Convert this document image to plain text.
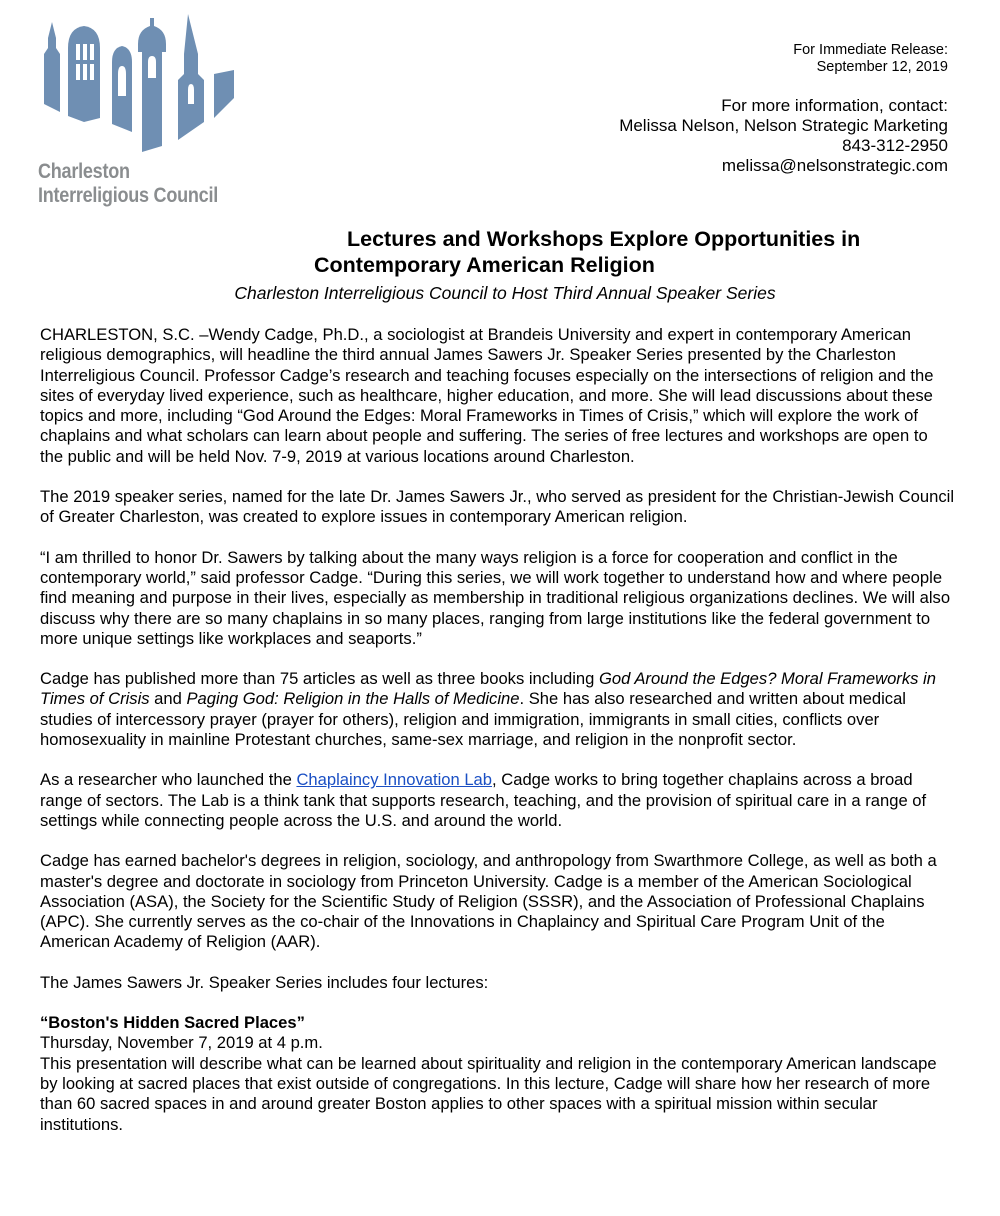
Charleston
Interreligious Council
For Immediate Release:
September 12, 2019
For more information, contact:
Melissa Nelson, Nelson Strategic Marketing
843-312-2950
melissa@nelsonstrategic.com
Lectures and Workshops Explore Opportunities in
Contemporary American Religion
Charleston Interreligious Council to Host Third Annual Speaker Series

CHARLESTON, S.C. –Wendy Cadge, Ph.D., a sociologist at Brandeis University and expert in contemporary American religious demographics, will headline the third annual James Sawers Jr. Speaker Series presented by the Charleston Interreligious Council. Professor Cadge’s research and teaching focuses especially on the intersections of religion and the sites of everyday lived experience, such as healthcare, higher education, and more. She will lead discussions about these topics and more, including “God Around the Edges: Moral Frameworks in Times of Crisis,” which will explore the work of chaplains and what scholars can learn about people and suffering. The series of free lectures and workshops are open to the public and will be held Nov. 7-9, 2019 at various locations around Charleston.

The 2019 speaker series, named for the late Dr. James Sawers Jr., who served as president for the Christian-Jewish Council of Greater Charleston, was created to explore issues in contemporary American religion.

“I am thrilled to honor Dr. Sawers by talking about the many ways religion is a force for cooperation and conflict in the contemporary world,” said professor Cadge. “During this series, we will work together to understand how and where people find meaning and purpose in their lives, especially as membership in traditional religious organizations declines. We will also discuss why there are so many chaplains in so many places, ranging from large institutions like the federal government to more unique settings like workplaces and seaports.”

Cadge has published more than 75 articles as well as three books including God Around the Edges? Moral Frameworks in Times of Crisis and Paging God: Religion in the Halls of Medicine. She has also researched and written about medical studies of intercessory prayer (prayer for others), religion and immigration, immigrants in small cities, conflicts over homosexuality in mainline Protestant churches, same-sex marriage, and religion in the nonprofit sector.

As a researcher who launched the Chaplaincy Innovation Lab, Cadge works to bring together chaplains across a broad range of sectors. The Lab is a think tank that supports research, teaching, and the provision of spiritual care in a range of settings while connecting people across the U.S. and around the world.

Cadge has earned bachelor's degrees in religion, sociology, and anthropology from Swarthmore College, as well as both a master's degree and doctorate in sociology from Princeton University. Cadge is a member of the American Sociological Association (ASA), the Society for the Scientific Study of Religion (SSSR), and the Association of Professional Chaplains (APC). She currently serves as the co-chair of the Innovations in Chaplaincy and Spiritual Care Program Unit of the American Academy of Religion (AAR).

The James Sawers Jr. Speaker Series includes four lectures:

“Boston's Hidden Sacred Places”

Thursday, November 7, 2019 at 4 p.m.

This presentation will describe what can be learned about spirituality and religion in the contemporary American landscape by looking at sacred places that exist outside of congregations. In this lecture, Cadge will share how her research of more than 60 sacred spaces in and around greater Boston applies to other spaces with a spiritual mission within secular institutions.
